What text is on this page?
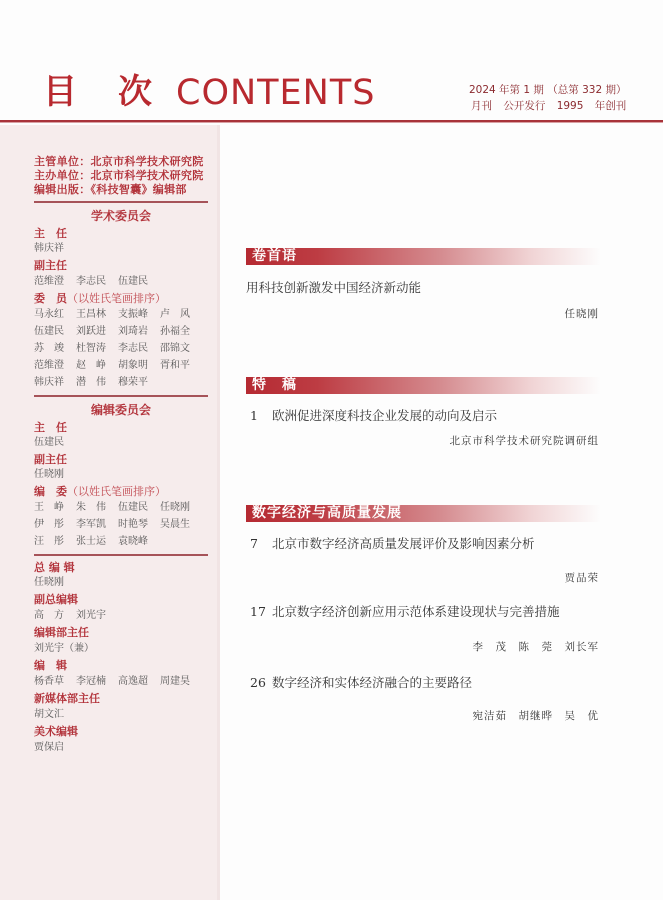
目 次 CONTENTS	2024 年第 1 期 （总第 332 期）
月刊 公开发行 1995 年创刊
主管单位：北京市科学技术研究院
主办单位：北京市科学技术研究院
编辑出版：《科技智囊》编辑部
学术委员会
主　任
韩庆祥
副主任
范维澄 李志民 伍建民
委　员（以姓氏笔画排序）
马永红 王昌林 支振峰 卢　风
伍建民 刘跃进 刘琦岩 孙福全
苏　竣 杜智涛 李志民 邵锦文
范维澄 赵　峥 胡象明 胥和平
韩庆祥 潜　伟 穆荣平
编辑委员会
主　任
伍建民
副主任
任晓刚
编　委（以姓氏笔画排序）
王　峥 朱　伟 伍建民 任晓刚
伊　彤 李军凯 时艳琴 吴晨生
汪　彤 张士运 袁晓峰
总 编 辑
任晓刚
副总编辑
高　方 刘光宇
编辑部主任
刘光宇（兼）
编　辑
杨香草 李冠楠 高逸超 周建昊
新媒体部主任
胡文汇
美术编辑
贾保启
卷首语
用科技创新激发中国经济新动能
任晓刚
特　稿
1 欧洲促进深度科技企业发展的动向及启示
北京市科学技术研究院调研组
数字经济与高质量发展
7 北京市数字经济高质量发展评价及影响因素分析
贾品荣
17 北京数字经济创新应用示范体系建设现状与完善措施
李　茂　陈　莞　刘长军
26 数字经济和实体经济融合的主要路径
宛洁茹　胡继晔　吴　优
